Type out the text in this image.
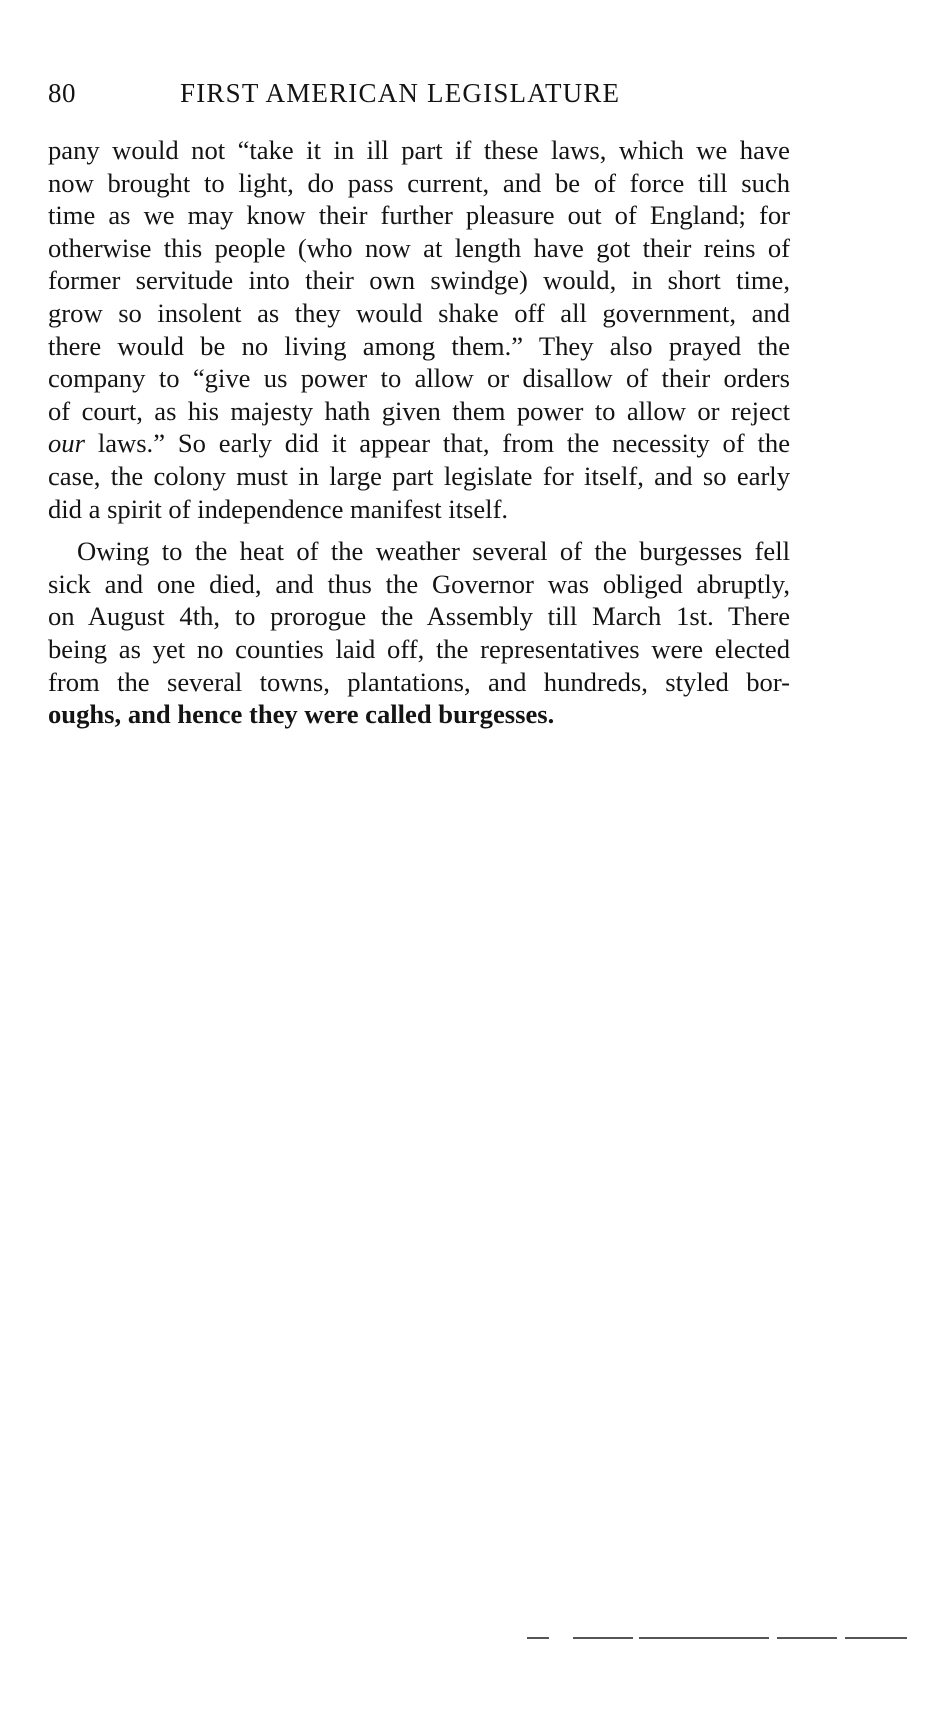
80	FIRST AMERICAN LEGISLATURE

pany would not “take it in ill part if these laws, which we have
now brought to light, do pass current, and be of force till such
time as we may know their further pleasure out of England; for
otherwise this people (who now at length have got their reins of
former servitude into their own swindge) would, in short time,
grow so insolent as they would shake off all government, and
there would be no living among them.” They also prayed the
company to “give us power to allow or disallow of their orders
of court, as his majesty hath given them power to allow or reject
our laws.” So early did it appear that, from the necessity of the
case, the colony must in large part legislate for itself, and so early
did a spirit of independence manifest itself.

Owing to the heat of the weather several of the burgesses fell
sick and one died, and thus the Governor was obliged abruptly,
on August 4th, to prorogue the Assembly till March 1st. There
being as yet no counties laid off, the representatives were elected
from the several towns, plantations, and hundreds, styled bor-
oughs, and hence they were called burgesses.
